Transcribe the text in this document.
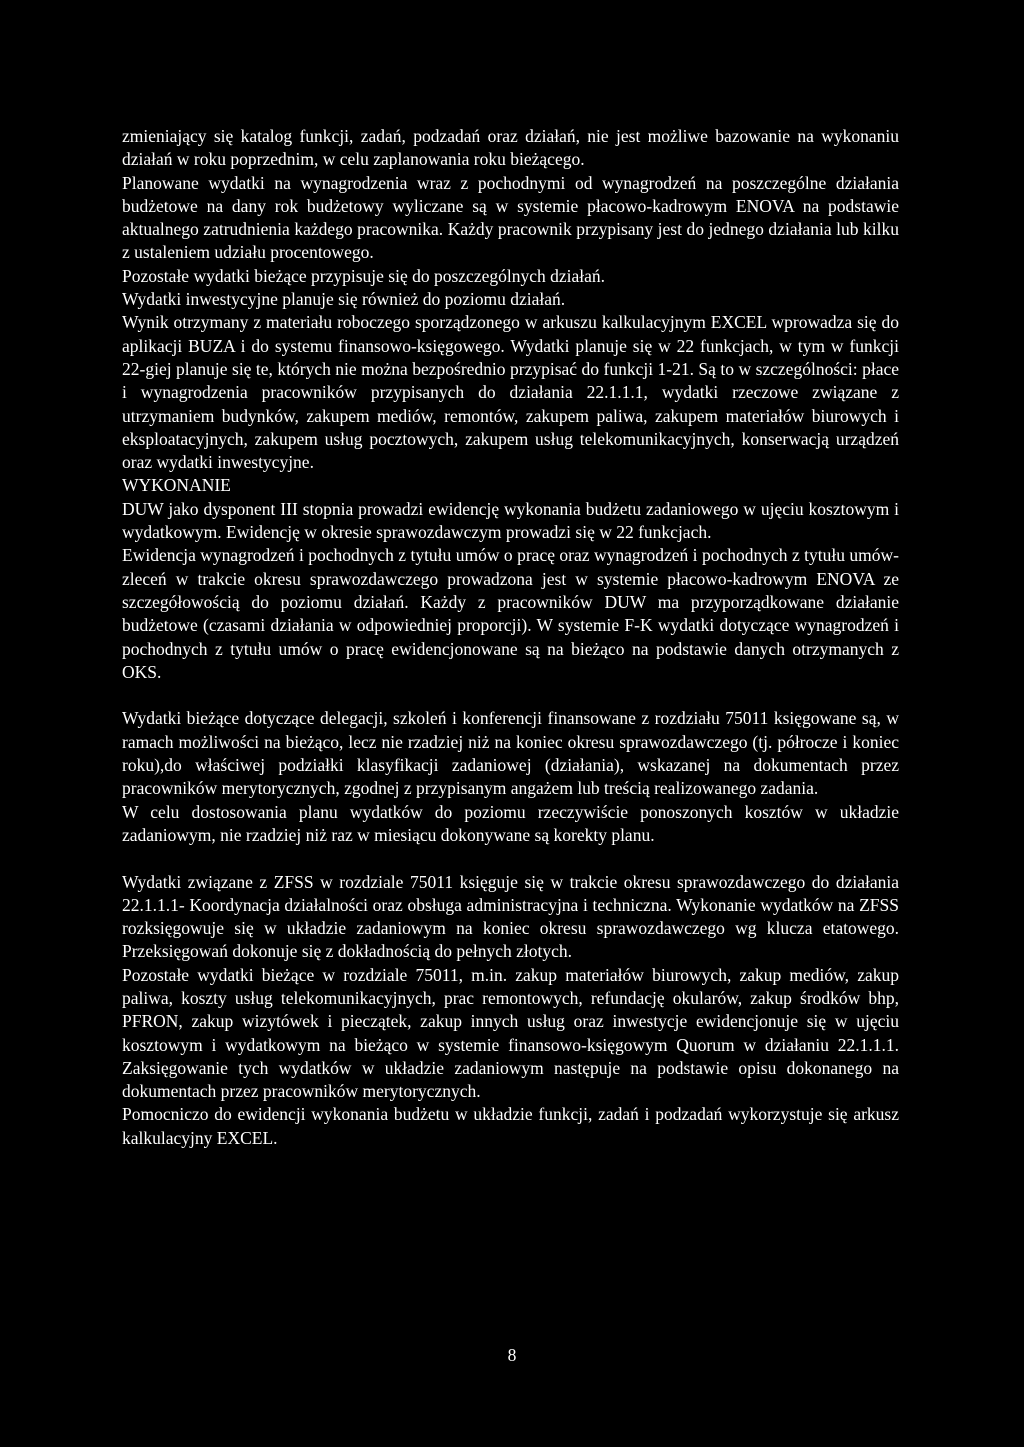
zmieniający się katalog funkcji, zadań, podzadań oraz działań, nie jest możliwe bazowanie na wykonaniu działań w roku poprzednim, w celu zaplanowania roku bieżącego.

Planowane wydatki na wynagrodzenia wraz z pochodnymi od wynagrodzeń na poszczególne działania budżetowe na dany rok budżetowy wyliczane są w systemie płacowo-kadrowym ENOVA na podstawie aktualnego zatrudnienia każdego pracownika. Każdy pracownik przypisany jest do jednego działania lub kilku z ustaleniem udziału procentowego.

Pozostałe wydatki bieżące przypisuje się do poszczególnych działań.

Wydatki inwestycyjne planuje się również do poziomu działań.

Wynik otrzymany z materiału roboczego sporządzonego w arkuszu kalkulacyjnym EXCEL wprowadza się do aplikacji BUZA i do systemu finansowo-księgowego. Wydatki planuje się w 22 funkcjach, w tym w funkcji 22-giej planuje się te, których nie można bezpośrednio przypisać do funkcji 1-21. Są to w szczególności: płace i wynagrodzenia pracowników przypisanych do działania 22.1.1.1, wydatki rzeczowe związane z utrzymaniem budynków, zakupem mediów, remontów, zakupem paliwa, zakupem materiałów biurowych i eksploatacyjnych, zakupem usług pocztowych, zakupem usług telekomunikacyjnych, konserwacją urządzeń oraz wydatki inwestycyjne.

WYKONANIE

DUW jako dysponent III stopnia prowadzi ewidencję wykonania budżetu zadaniowego w ujęciu kosztowym i wydatkowym. Ewidencję w okresie sprawozdawczym prowadzi się w 22 funkcjach.

Ewidencja wynagrodzeń i pochodnych z tytułu umów o pracę oraz wynagrodzeń i pochodnych z tytułu umów-zleceń w trakcie okresu sprawozdawczego prowadzona jest w systemie płacowo-kadrowym ENOVA ze szczegółowością do poziomu działań. Każdy z pracowników DUW ma przyporządkowane działanie budżetowe (czasami działania w odpowiedniej proporcji). W systemie F-K wydatki dotyczące wynagrodzeń i pochodnych z tytułu umów o pracę ewidencjonowane są na bieżąco na podstawie danych otrzymanych z OKS.

Wydatki bieżące dotyczące delegacji, szkoleń i konferencji finansowane z rozdziału 75011 księgowane są, w ramach możliwości na bieżąco, lecz nie rzadziej niż na koniec okresu sprawozdawczego (tj. półrocze i koniec roku),do właściwej podziałki klasyfikacji zadaniowej (działania), wskazanej na dokumentach przez pracowników merytorycznych, zgodnej z przypisanym angażem lub treścią realizowanego zadania.

W celu dostosowania planu wydatków do poziomu rzeczywiście ponoszonych kosztów w układzie zadaniowym, nie rzadziej niż raz w miesiącu dokonywane są korekty planu.

Wydatki związane z ZFSS w rozdziale 75011 księguje się w trakcie okresu sprawozdawczego do działania 22.1.1.1- Koordynacja działalności oraz obsługa administracyjna i techniczna. Wykonanie wydatków na ZFSS rozksięgowuje się w układzie zadaniowym na koniec okresu sprawozdawczego wg klucza etatowego. Przeksięgowań dokonuje się z dokładnością do pełnych złotych.

Pozostałe wydatki bieżące w rozdziale 75011, m.in. zakup materiałów biurowych, zakup mediów, zakup paliwa, koszty usług telekomunikacyjnych, prac remontowych, refundację okularów, zakup środków bhp, PFRON, zakup wizytówek i pieczątek, zakup innych usług oraz inwestycje ewidencjonuje się w ujęciu kosztowym i wydatkowym na bieżąco w systemie finansowo-księgowym Quorum w działaniu 22.1.1.1. Zaksięgowanie tych wydatków w układzie zadaniowym następuje na podstawie opisu dokonanego na dokumentach przez pracowników merytorycznych.

Pomocniczo do ewidencji wykonania budżetu w układzie funkcji, zadań i podzadań wykorzystuje się arkusz kalkulacyjny EXCEL.

8
